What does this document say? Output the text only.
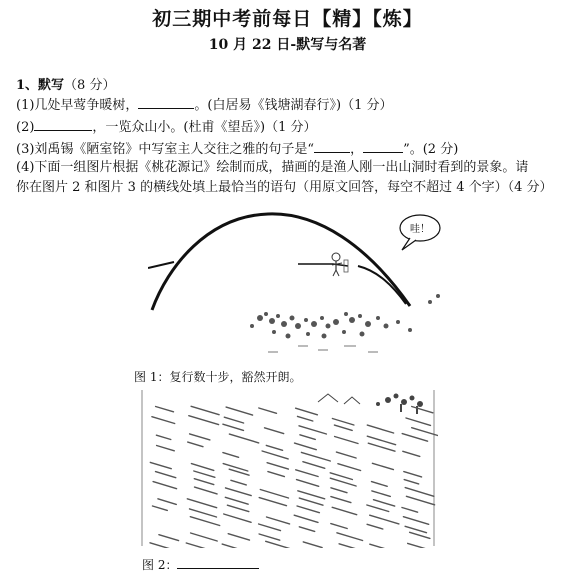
初三期中考前每日【精】【炼】
10 月 22 日-默写与名著
1、默写（8 分）
(1)几处早莺争暖树，	。(白居易《钱塘湖春行》)（1 分）
(2)	，一览众山小。(杜甫《望岳》)（1 分）
(3)刘禹锡《陋室铭》中写室主人交往之雅的句子是“	，	”。(2 分)
(4)下面一组图片根据《桃花源记》绘制而成，描画的是渔人刚一出山洞时看到的景象。请
你在图片 2 和图片 3 的横线处填上最恰当的语句（用原文回答，每空不超过 4 个字）（4 分）
哇！
图 1：复行数十步，豁然开朗。
图 2：
